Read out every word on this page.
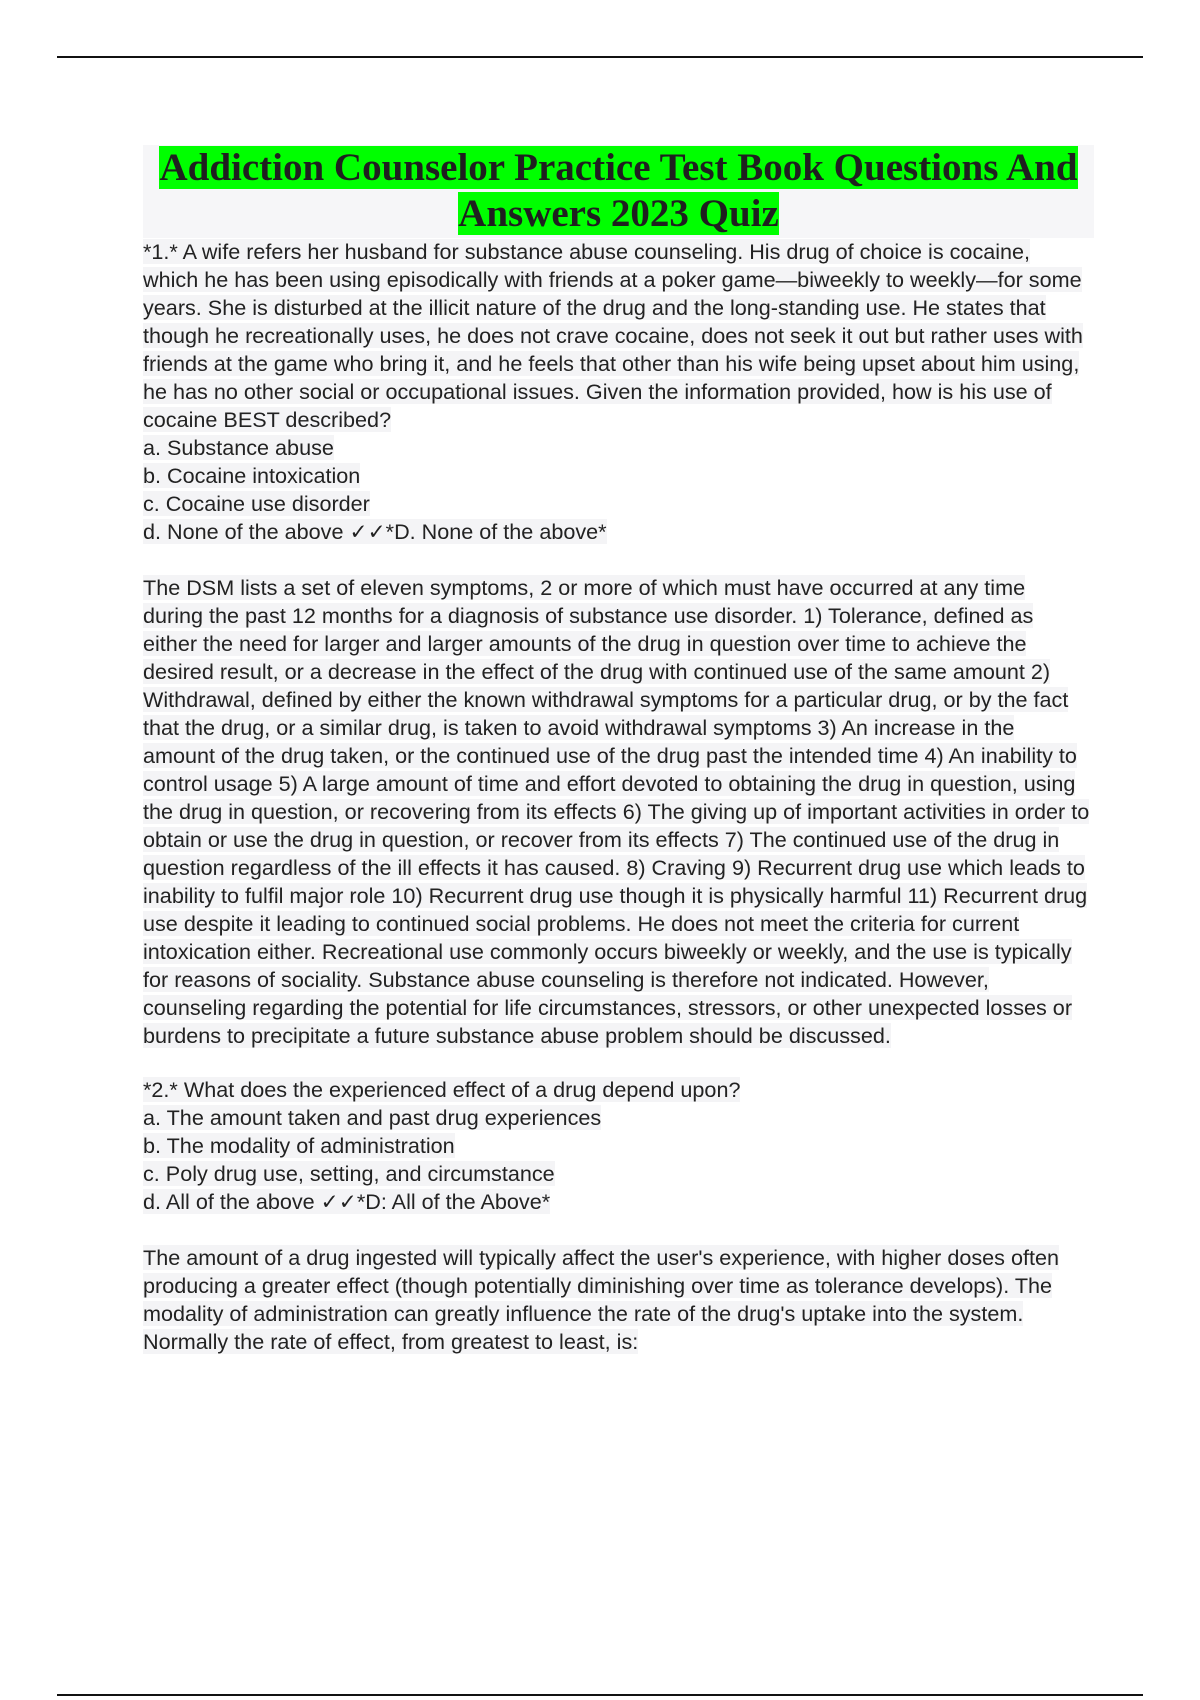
Addiction Counselor Practice Test Book Questions And Answers 2023 Quiz

*1.* A wife refers her husband for substance abuse counseling. His drug of choice is cocaine, which he has been using episodically with friends at a poker game—biweekly to weekly—for some years. She is disturbed at the illicit nature of the drug and the long-standing use. He states that though he recreationally uses, he does not crave cocaine, does not seek it out but rather uses with friends at the game who bring it, and he feels that other than his wife being upset about him using, he has no other social or occupational issues. Given the information provided, how is his use of cocaine BEST described?

a. Substance abuse

b. Cocaine intoxication

c. Cocaine use disorder

d. None of the above ✓✓*D. None of the above*

The DSM lists a set of eleven symptoms, 2 or more of which must have occurred at any time during the past 12 months for a diagnosis of substance use disorder. 1) Tolerance, defined as either the need for larger and larger amounts of the drug in question over time to achieve the desired result, or a decrease in the effect of the drug with continued use of the same amount 2) Withdrawal, defined by either the known withdrawal symptoms for a particular drug, or by the fact that the drug, or a similar drug, is taken to avoid withdrawal symptoms 3) An increase in the amount of the drug taken, or the continued use of the drug past the intended time 4) An inability to control usage 5) A large amount of time and effort devoted to obtaining the drug in question, using the drug in question, or recovering from its effects 6) The giving up of important activities in order to obtain or use the drug in question, or recover from its effects 7) The continued use of the drug in question regardless of the ill effects it has caused. 8) Craving 9) Recurrent drug use which leads to inability to fulfil major role 10) Recurrent drug use though it is physically harmful 11) Recurrent drug use despite it leading to continued social problems. He does not meet the criteria for current intoxication either. Recreational use commonly occurs biweekly or weekly, and the use is typically for reasons of sociality. Substance abuse counseling is therefore not indicated. However, counseling regarding the potential for life circumstances, stressors, or other unexpected losses or burdens to precipitate a future substance abuse problem should be discussed.

*2.* What does the experienced effect of a drug depend upon?

a. The amount taken and past drug experiences

b. The modality of administration

c. Poly drug use, setting, and circumstance

d. All of the above ✓✓*D: All of the Above*

The amount of a drug ingested will typically affect the user's experience, with higher doses often producing a greater effect (though potentially diminishing over time as tolerance develops). The modality of administration can greatly influence the rate of the drug's uptake into the system. Normally the rate of effect, from greatest to least, is:
